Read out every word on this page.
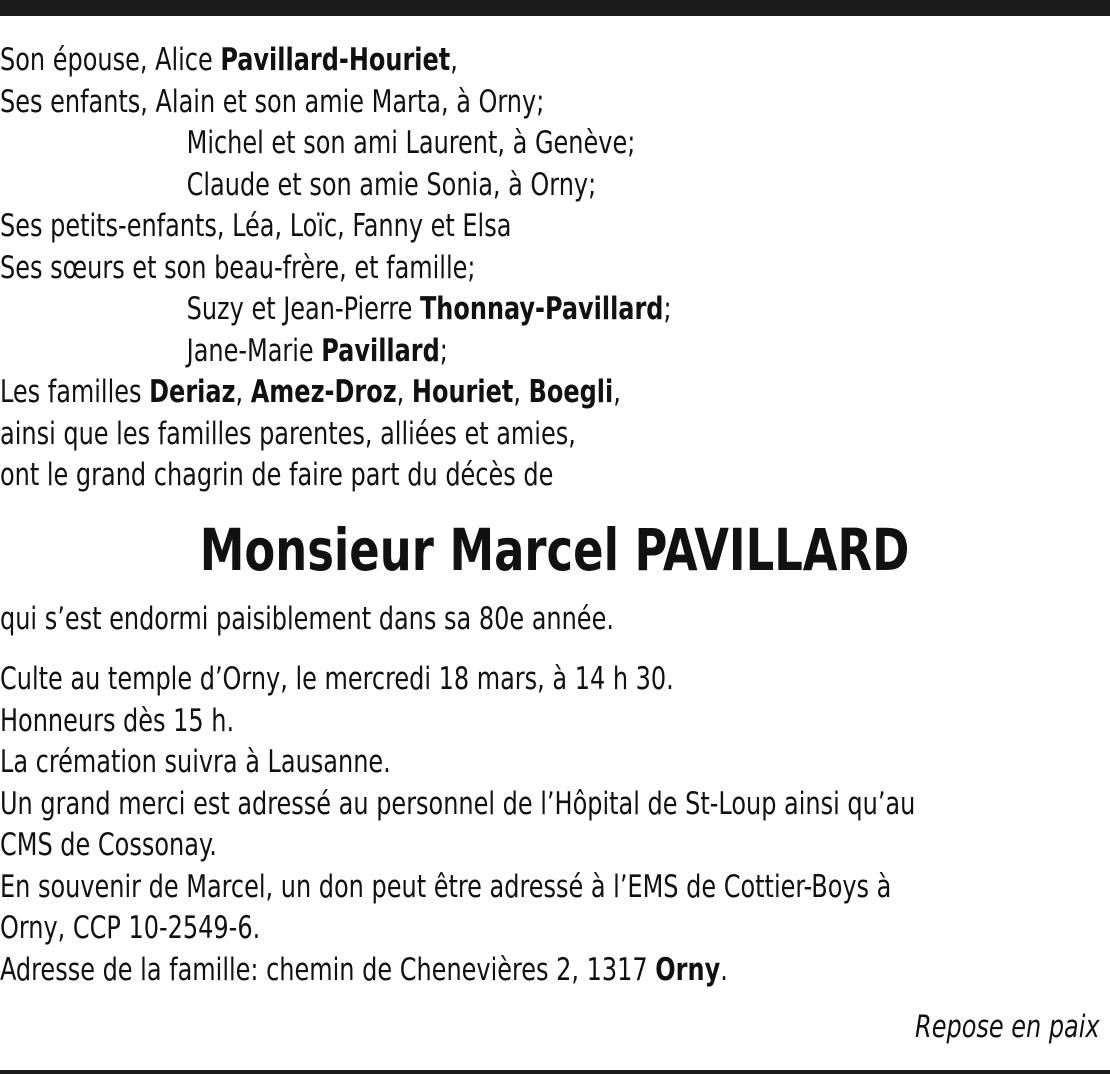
Son épouse, Alice Pavillard-Houriet,
Ses enfants, Alain et son amie Marta, à Orny;
Michel et son ami Laurent, à Genève;
Claude et son amie Sonia, à Orny;
Ses petits-enfants, Léa, Loïc, Fanny et Elsa
Ses sœurs et son beau-frère, et famille;
Suzy et Jean-Pierre Thonnay-Pavillard;
Jane-Marie Pavillard;
Les familles Deriaz, Amez-Droz, Houriet, Boegli,
ainsi que les familles parentes, alliées et amies,
ont le grand chagrin de faire part du décès de
Monsieur Marcel PAVILLARD
qui s’est endormi paisiblement dans sa 80e année.
Culte au temple d’Orny, le mercredi 18 mars, à 14 h 30.
Honneurs dès 15 h.
La crémation suivra à Lausanne.
Un grand merci est adressé au personnel de l’Hôpital de St-Loup ainsi qu’au
CMS de Cossonay.
En souvenir de Marcel, un don peut être adressé à l’EMS de Cottier-Boys à
Orny, CCP 10-2549-6.
Adresse de la famille: chemin de Chenevières 2, 1317 Orny.
Repose en paix
